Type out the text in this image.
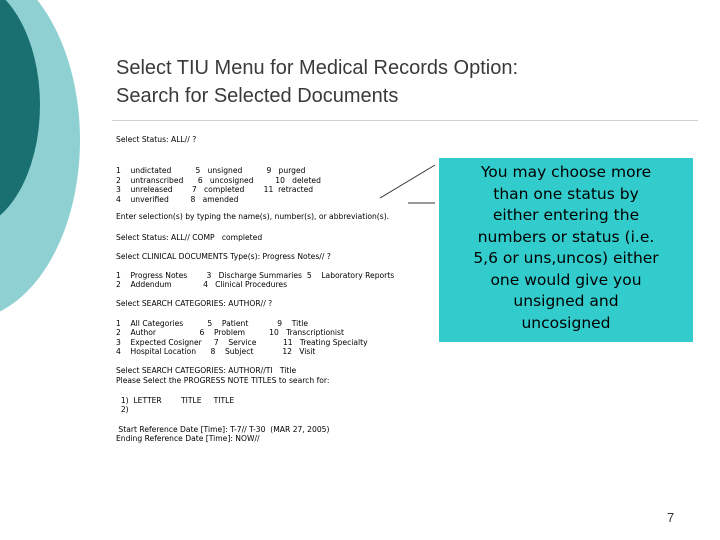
Select TIU Menu for Medical Records Option:
Search for Selected Documents
Select Status: ALL// ?
1    undictated          5   unsigned          9   purged
2    untranscribed      6   uncosigned         10   deleted
3    unreleased        7   completed        11  retracted
4    unverified         8   amended
Enter selection(s) by typing the name(s), number(s), or abbreviation(s).
Select Status: ALL// COMP   completed
Select CLINICAL DOCUMENTS Type(s): Progress Notes// ?
1    Progress Notes        3   Discharge Summaries  5    Laboratory Reports
2    Addendum             4   Clinical Procedures
Select SEARCH CATEGORIES: AUTHOR// ?
1    All Categories          5    Patient            9    Title
2    Author                  6    Problem          10   Transcriptionist
3    Expected Cosigner     7    Service           11   Treating Specialty
4    Hospital Location      8    Subject            12   Visit
Select SEARCH CATEGORIES: AUTHOR//TI   Title
Please Select the PROGRESS NOTE TITLES to search for:
1)  LETTER        TITLE     TITLE
2)
Start Reference Date [Time]: T-7// T-30  (MAR 27, 2005)
Ending Reference Date [Time]: NOW//
You may choose more
than one status by
either entering the
numbers or status (i.e.
5,6 or uns,uncos) either
one would give you
unsigned and
uncosigned
7
